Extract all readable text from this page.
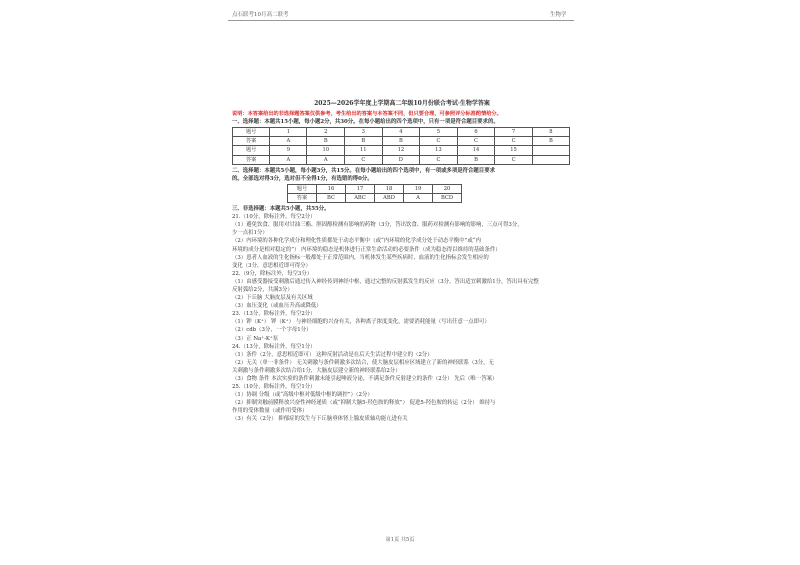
点石联考10月高二联考	生物学
2025—2026学年度上学期高二年级10月份联合考试·生物学答案
说明：本答案给出的非选择题答案仅供参考，考生给出的答案与本答案不同，但只要合理，可参照评分标准酌情给分。
一、选择题：本题共15小题，每小题2分，共30分。在每小题给出的四个选项中，只有一项是符合题目要求的。
题号	1	2	3	4	5	6	7	8
答案	A	B	B	B	C	C	C	B
题号	9	10	11	12	13	14	15	
答案	A	A	C	D	C	B	C	
二、选择题：本题共5小题，每小题3分，共15分。在每小题给出的四个选项中，有一项或多项是符合题目要求
的。全部选对得3分，选对但不全得1分，有选错的得0分。
题号	16	17	18	19	20
答案	BC	ABC	ABD	A	BCD
三、非选择题：本题共5小题，共55分。
21.（10分，除标注外，每空2分）
（1）避免饮食、服用对甘油三酯、胆固醇检测有影响的药物（3分，答出饮食、服药对检测有影响的影响，三点可得3分，
少一点扣1分）
（2）内环境的各种化学成分和理化性质都处于动态平衡中（或“内环境的化学成分处于动态平衡中”或“内
环境的成分是相对稳定的”） 内环境的稳态是机体进行正常生命活动的必要条件（成为稳态得以维持的基础条件）
（3）患者人血液的生化指标一般都处于正常范围内，当机体发生某些疾病时，血液的生化指标会发生相应的
变化（3分，意思相近即可得分）
22.（9分，除标注外，每空3分）
（1）由感受器接受刺激后通过传入神经传到神经中枢，通过完整的反射弧发生的反应（3分，答出适宜刺激给1分，答出具有完整
反射弧给2分，共满3分）
（2）下丘脑 大脑皮层及有关区域
（3）血压变化（或血压升高或降低）
23.（13分，除标注外，每空2分）
（1）钾（K⁺） 钾（K⁺） 与神经细胞的兴奋有关，各种离子浓度变化，需要消耗能量（写出任意一点即可）
（2）cdb（3分，一个字母1分）
（3）正 Na⁺-K⁺泵
24.（13分，除标注外，每空1分）
（1）条件（2分，意思相近即可） 这种反射活动是在后天生活过程中建立的（2分）
（2）无关（单一非条件） 无关刺激与条件刺激多次结合，使大脑皮层相应区域建立了新的神经联系（3分，无
关刺激与条件刺激多次结合给1分，大脑皮层建立新的神经联系给2分）
（3）食物 条件 本次实验的条件刺激未能引起唾液分泌，不满足条件反射建立的条件（2分） 先后（唯一答案）
25.（10分，除标注外，每空1分）
（1）协调 分级（或“高级中枢对低级中枢的调控”）（2分）
（2）抑制突触前膜释放兴奋性神经递质（或“抑制大脑5-羟色胺的释放”） 促进5-羟色胺的转运（2分） 维持与
作用的受体数量（或作用受体）
（3）有关（2分） 抑郁症的发生与下丘脑垂体肾上腺皮质轴功能亢进有关
第1页 共5页
